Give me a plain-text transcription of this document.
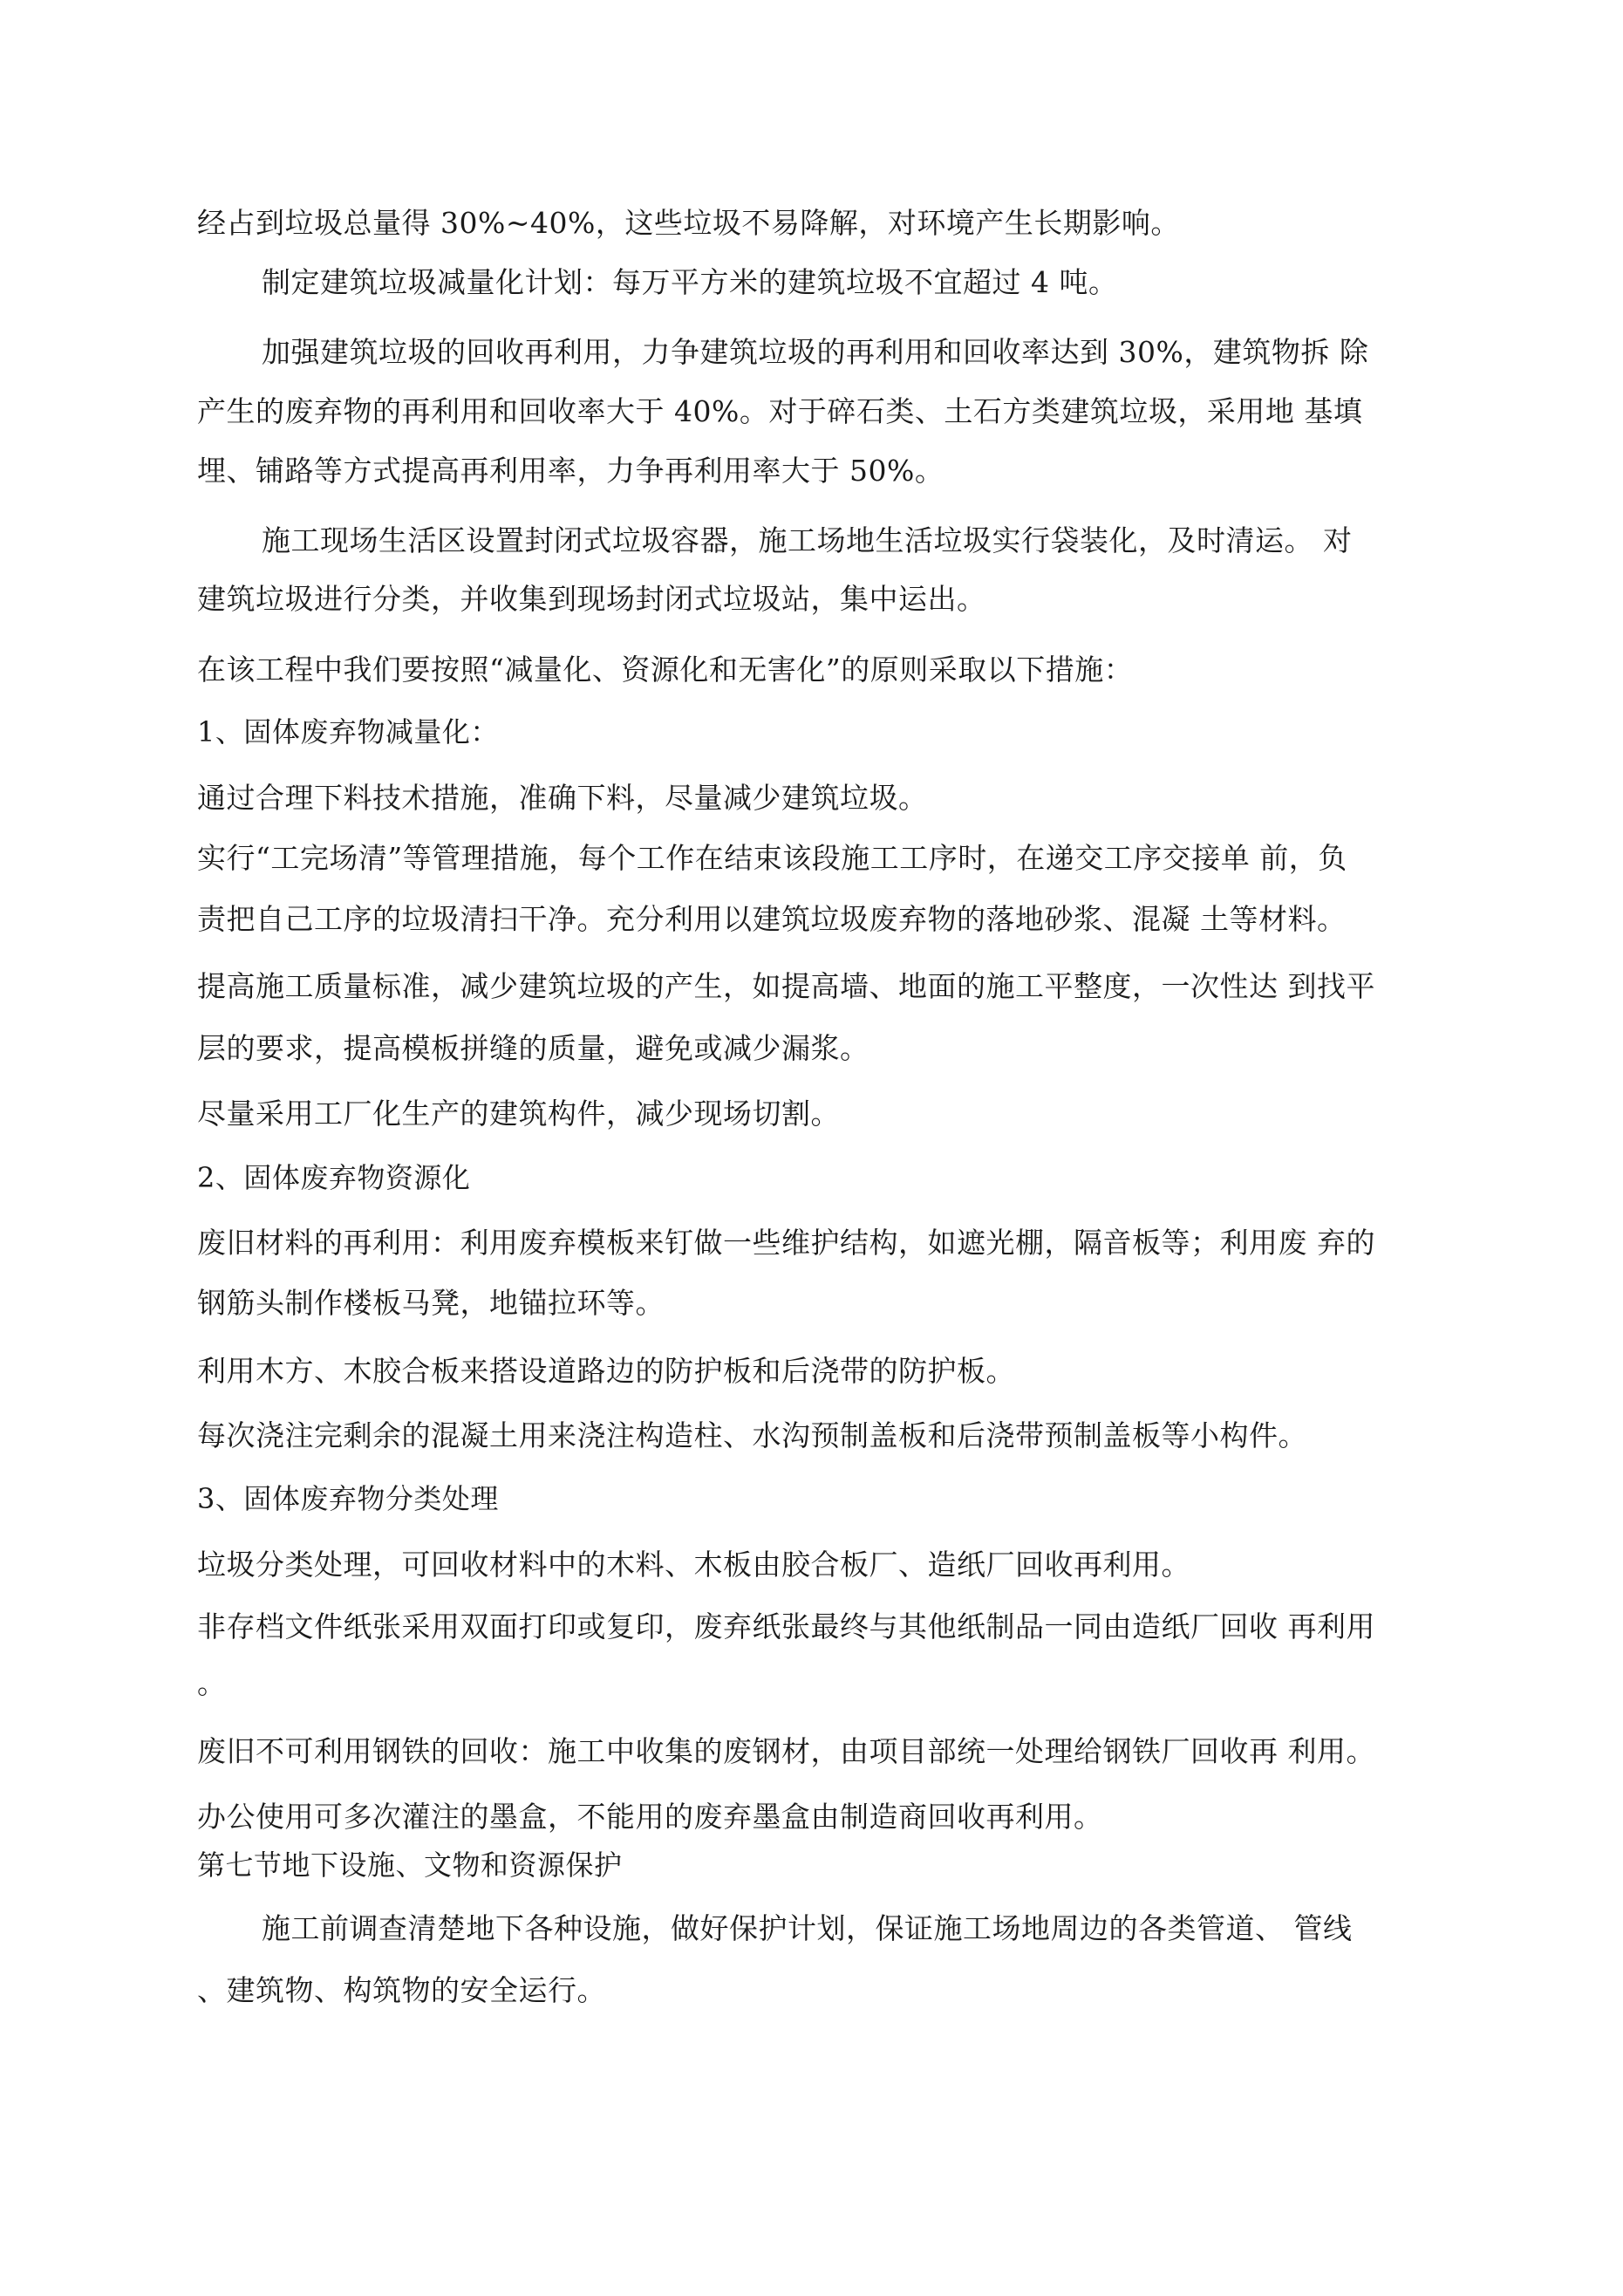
经占到垃圾总量得 30%~40%，这些垃圾不易降解，对环境产生长期影响。
制定建筑垃圾减量化计划：每万平方米的建筑垃圾不宜超过 4 吨。
加强建筑垃圾的回收再利用，力争建筑垃圾的再利用和回收率达到 30%，建筑物拆 除
产生的废弃物的再利用和回收率大于 40%。对于碎石类、土石方类建筑垃圾，采用地 基填
埋、铺路等方式提高再利用率，力争再利用率大于 50%。
施工现场生活区设置封闭式垃圾容器，施工场地生活垃圾实行袋装化，及时清运。 对
建筑垃圾进行分类，并收集到现场封闭式垃圾站，集中运出。
在该工程中我们要按照“减量化、资源化和无害化”的原则采取以下措施：
1、固体废弃物减量化：
通过合理下料技术措施，准确下料，尽量减少建筑垃圾。
实行“工完场清”等管理措施，每个工作在结束该段施工工序时，在递交工序交接单 前，负
责把自己工序的垃圾清扫干净。充分利用以建筑垃圾废弃物的落地砂浆、混凝 土等材料。
提高施工质量标准，减少建筑垃圾的产生，如提高墙、地面的施工平整度，一次性达 到找平
层的要求，提高模板拼缝的质量，避免或减少漏浆。
尽量采用工厂化生产的建筑构件，减少现场切割。
2、固体废弃物资源化
废旧材料的再利用：利用废弃模板来钉做一些维护结构，如遮光棚，隔音板等；利用废 弃的
钢筋头制作楼板马凳，地锚拉环等。
利用木方、木胶合板来搭设道路边的防护板和后浇带的防护板。
每次浇注完剩余的混凝土用来浇注构造柱、水沟预制盖板和后浇带预制盖板等小构件。
3、固体废弃物分类处理
垃圾分类处理，可回收材料中的木料、木板由胶合板厂、造纸厂回收再利用。
非存档文件纸张采用双面打印或复印，废弃纸张最终与其他纸制品一同由造纸厂回收 再利用
。
废旧不可利用钢铁的回收：施工中收集的废钢材，由项目部统一处理给钢铁厂回收再 利用。
办公使用可多次灌注的墨盒，不能用的废弃墨盒由制造商回收再利用。
第七节地下设施、文物和资源保护
施工前调查清楚地下各种设施，做好保护计划，保证施工场地周边的各类管道、 管线
、建筑物、构筑物的安全运行。
